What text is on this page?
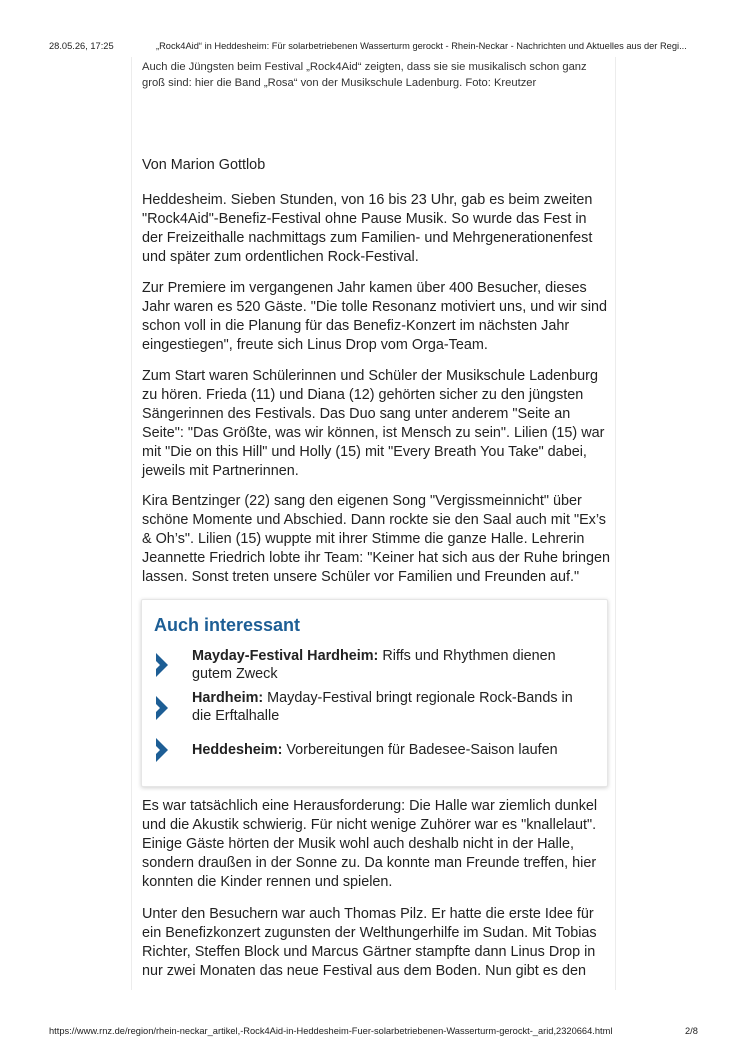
28.05.26, 17:25	„Rock4Aid“ in Heddesheim: Für solarbetriebenen Wasserturm gerockt - Rhein-Neckar - Nachrichten und Aktuelles aus der Regi...
Auch die Jüngsten beim Festival „Rock4Aid“ zeigten, dass sie sie musikalisch schon ganz groß sind: hier die Band „Rosa“ von der Musikschule Ladenburg. Foto: Kreutzer
Von Marion Gottlob

Heddesheim. Sieben Stunden, von 16 bis 23 Uhr, gab es beim zweiten "Rock4Aid"-Benefiz-Festival ohne Pause Musik. So wurde das Fest in der Freizeithalle nachmittags zum Familien- und Mehrgenerationenfest und später zum ordentlichen Rock-Festival.

Zur Premiere im vergangenen Jahr kamen über 400 Besucher, dieses Jahr waren es 520 Gäste. "Die tolle Resonanz motiviert uns, und wir sind schon voll in die Planung für das Benefiz-Konzert im nächsten Jahr eingestiegen", freute sich Linus Drop vom Orga-Team.

Zum Start waren Schülerinnen und Schüler der Musikschule Ladenburg zu hören. Frieda (11) und Diana (12) gehörten sicher zu den jüngsten Sängerinnen des Festivals. Das Duo sang unter anderem "Seite an Seite": "Das Größte, was wir können, ist Mensch zu sein". Lilien (15) war mit "Die on this Hill" und Holly (15) mit "Every Breath You Take" dabei, jeweils mit Partnerinnen.

Kira Bentzinger (22) sang den eigenen Song "Vergissmeinnicht" über schöne Momente und Abschied. Dann rockte sie den Saal auch mit "Ex’s & Oh’s". Lilien (15) wuppte mit ihrer Stimme die ganze Halle. Lehrerin Jeannette Friedrich lobte ihr Team: "Keiner hat sich aus der Ruhe bringen lassen. Sonst treten unsere Schüler vor Familien und Freunden auf."

Auch interessant
Mayday-Festival Hardheim: Riffs und Rhythmen dienen gutem Zweck
Hardheim: Mayday-Festival bringt regionale Rock-Bands in die Erftalhalle
Heddesheim: Vorbereitungen für Badesee-Saison laufen

Es war tatsächlich eine Herausforderung: Die Halle war ziemlich dunkel und die Akustik schwierig. Für nicht wenige Zuhörer war es "knallelaut". Einige Gäste hörten der Musik wohl auch deshalb nicht in der Halle, sondern draußen in der Sonne zu. Da konnte man Freunde treffen, hier konnten die Kinder rennen und spielen.

Unter den Besuchern war auch Thomas Pilz. Er hatte die erste Idee für ein Benefizkonzert zugunsten der Welthungerhilfe im Sudan. Mit Tobias Richter, Steffen Block und Marcus Gärtner stampfte dann Linus Drop in nur zwei Monaten das neue Festival aus dem Boden. Nun gibt es den

https://www.rnz.de/region/rhein-neckar_artikel,-Rock4Aid-in-Heddesheim-Fuer-solarbetriebenen-Wasserturm-gerockt-_arid,2320664.html	2/8
